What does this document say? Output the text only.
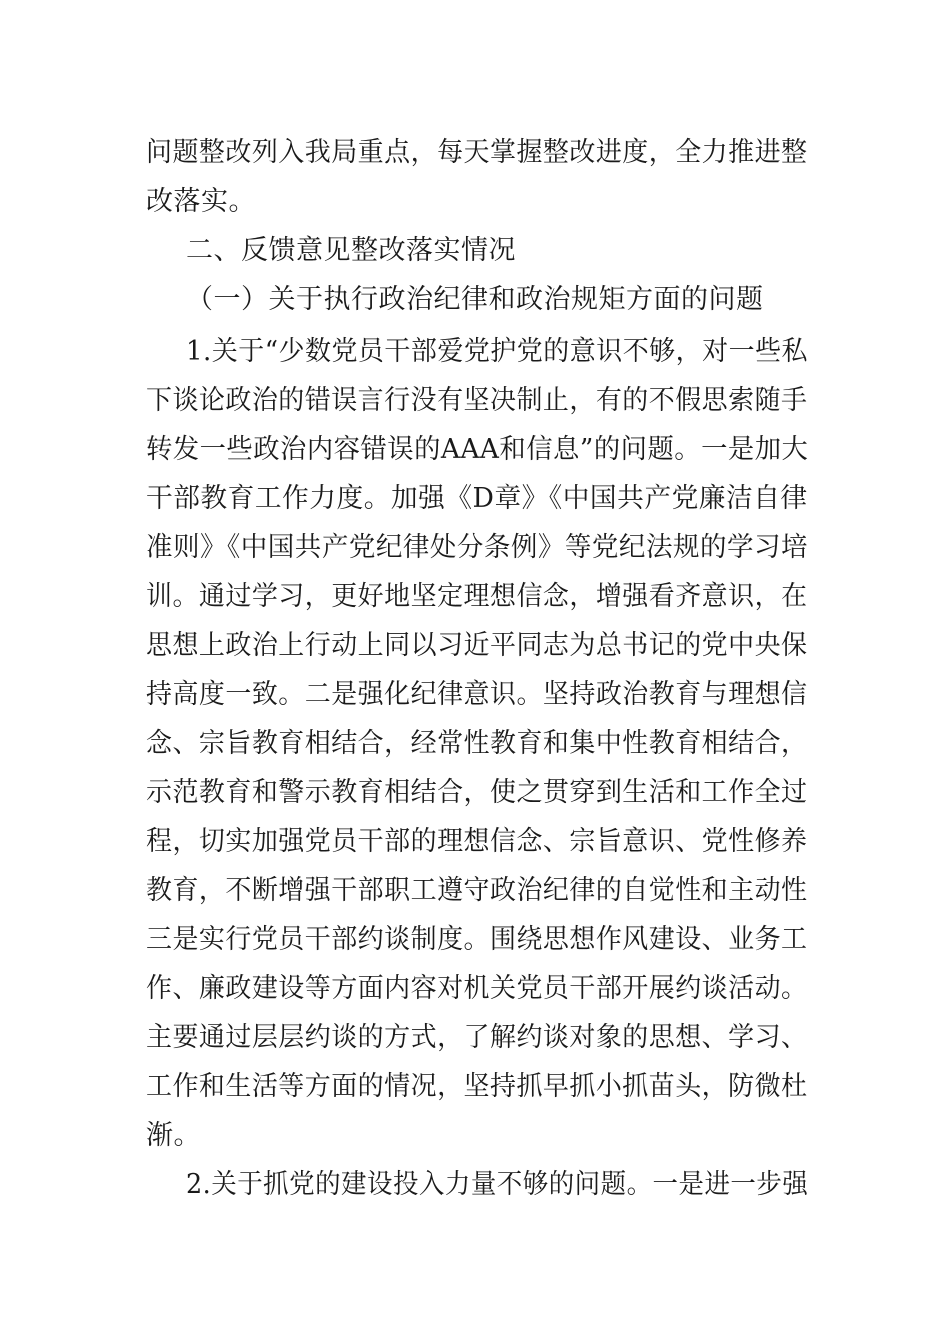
问题整改列入我局重点，每天掌握整改进度，全力推进整
改落实。
二、反馈意见整改落实情况
（一）关于执行政治纪律和政治规矩方面的问题
1.关于“少数党员干部爱党护党的意识不够，对一些私
下谈论政治的错误言行没有坚决制止，有的不假思索随手
转发一些政治内容错误的AAA和信息”的问题。一是加大
干部教育工作力度。加强《D章》《中国共产党廉洁自律
准则》《中国共产党纪律处分条例》等党纪法规的学习培
训。通过学习，更好地坚定理想信念，增强看齐意识，在
思想上政治上行动上同以习近平同志为总书记的党中央保
持高度一致。二是强化纪律意识。坚持政治教育与理想信
念、宗旨教育相结合，经常性教育和集中性教育相结合，
示范教育和警示教育相结合，使之贯穿到生活和工作全过
程，切实加强党员干部的理想信念、宗旨意识、党性修养
教育，不断增强干部职工遵守政治纪律的自觉性和主动性
三是实行党员干部约谈制度。围绕思想作风建设、业务工
作、廉政建设等方面内容对机关党员干部开展约谈活动。
主要通过层层约谈的方式，了解约谈对象的思想、学习、
工作和生活等方面的情况，坚持抓早抓小抓苗头，防微杜
渐。
2.关于抓党的建设投入力量不够的问题。一是进一步强
